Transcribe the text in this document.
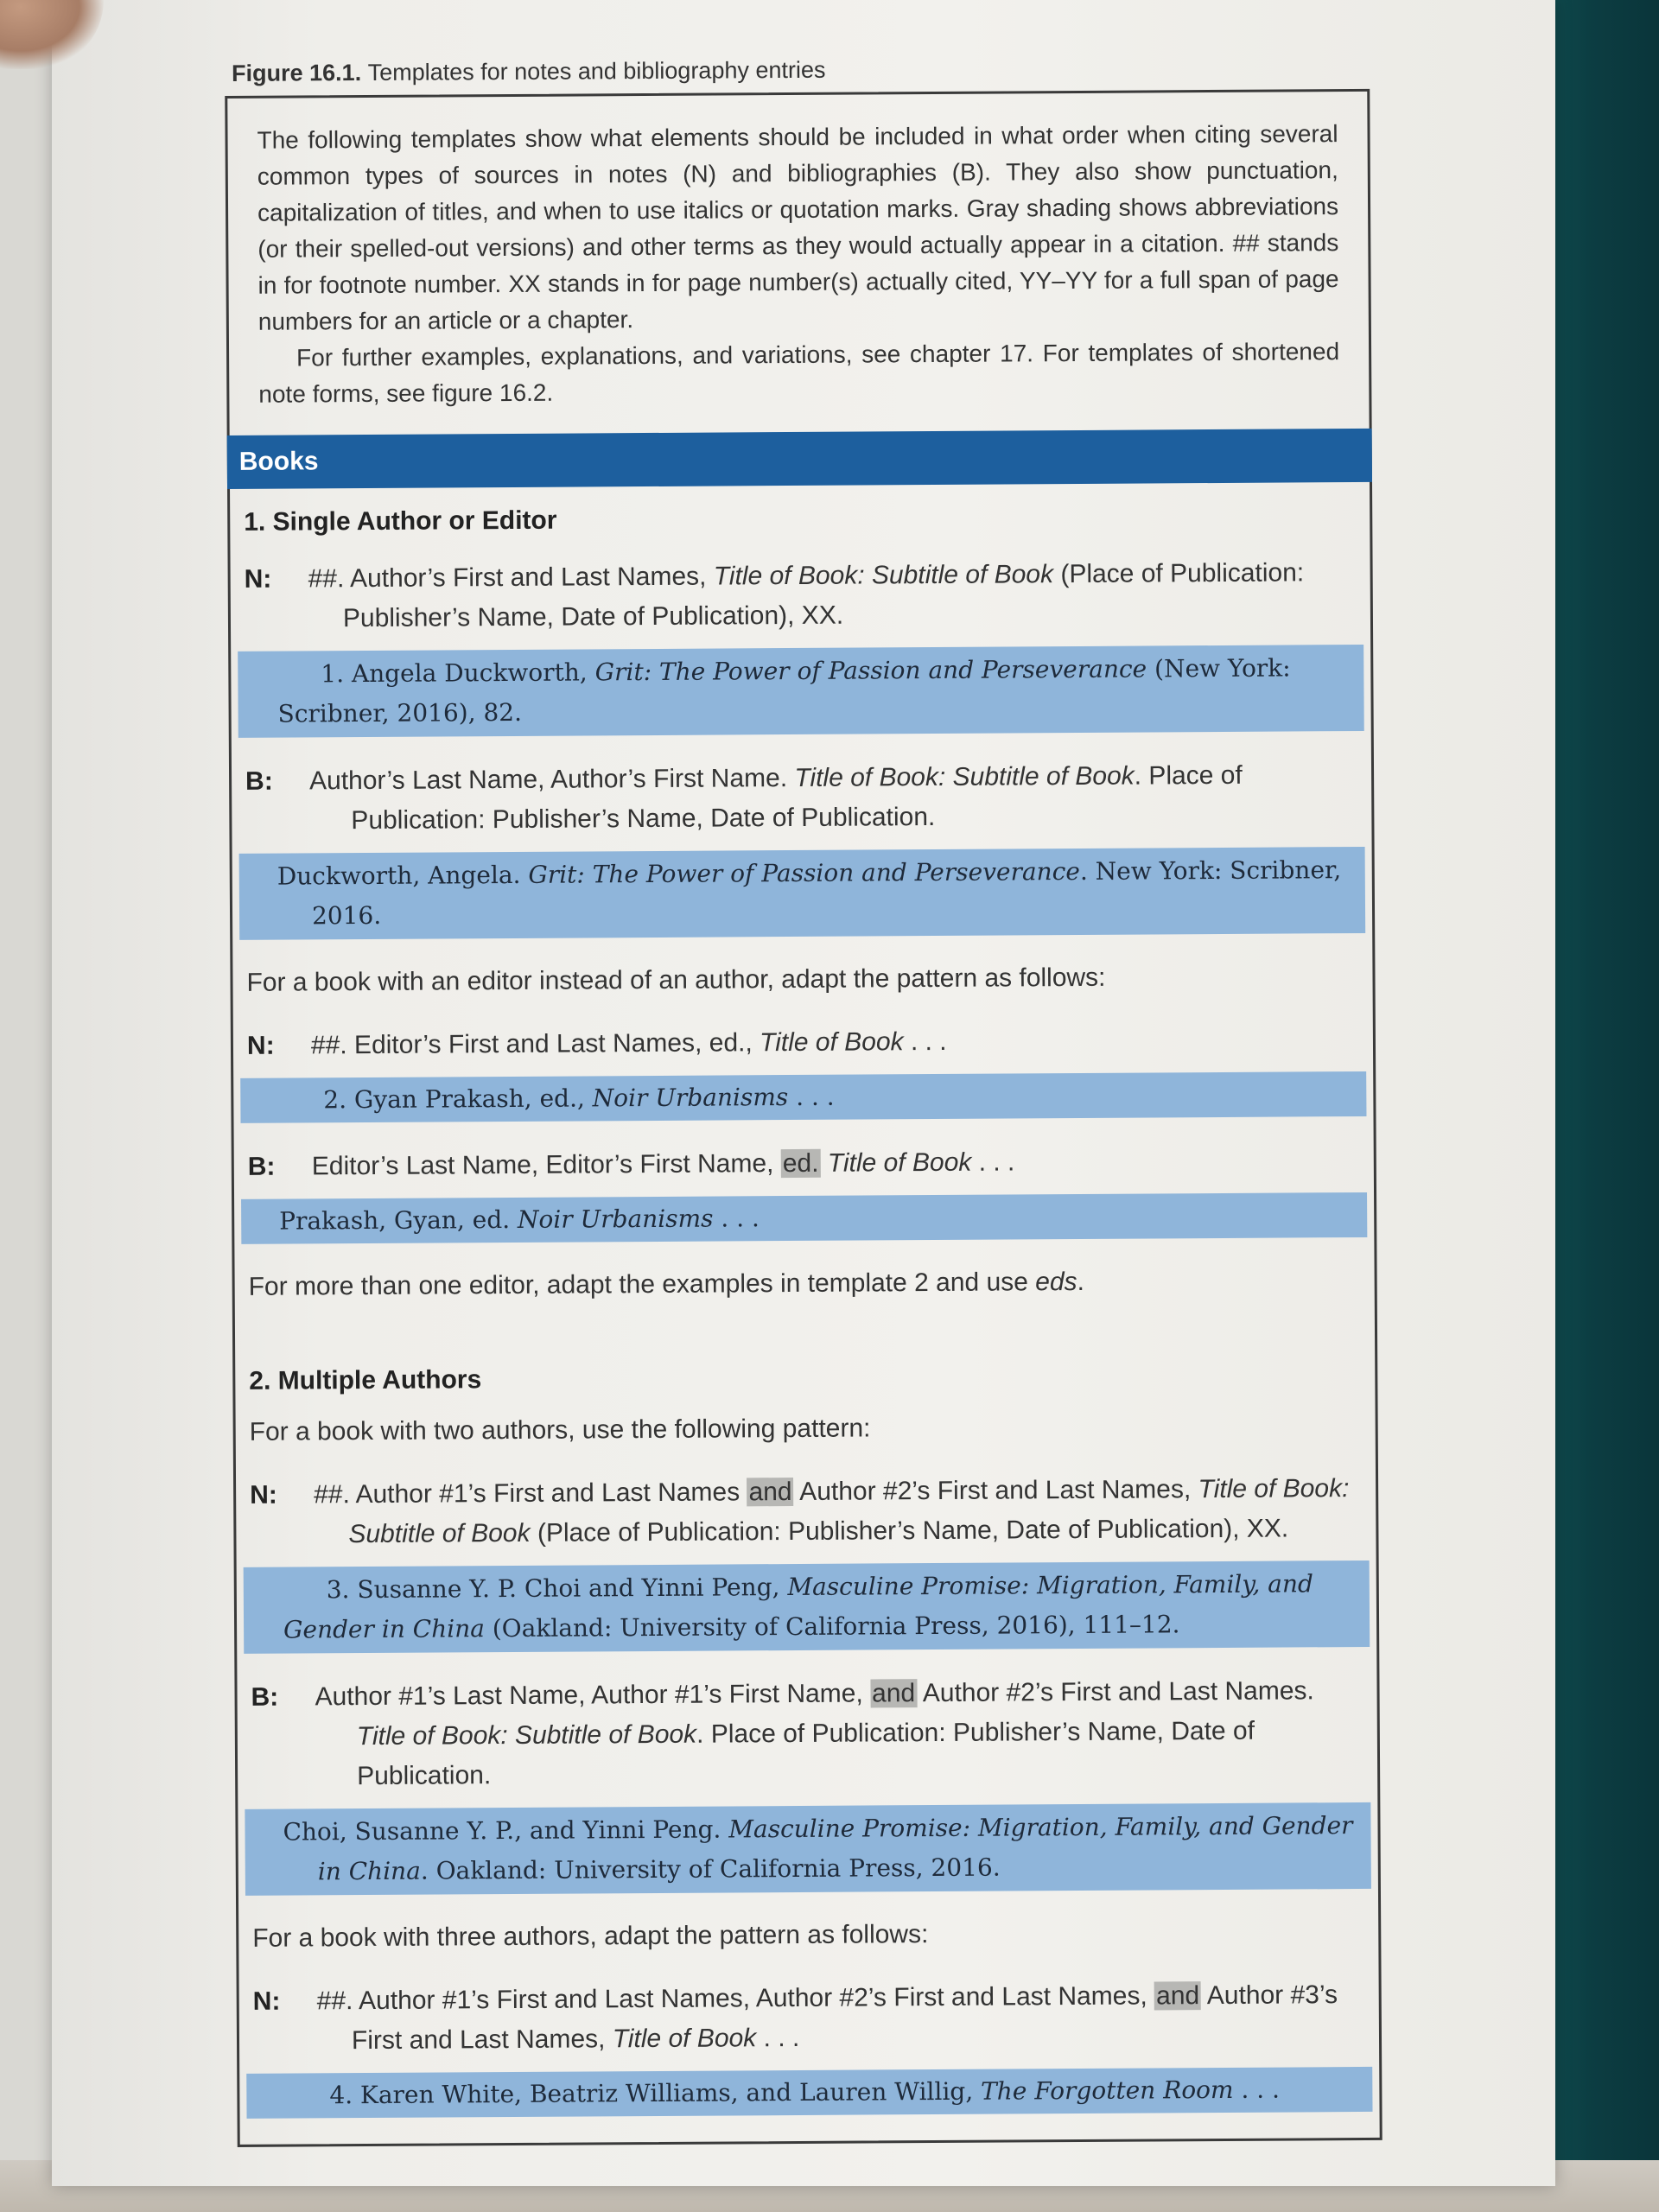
Figure 16.1. Templates for notes and bibliography entries

The following templates show what elements should be included in what order when citing several common types of sources in notes (N) and bibliographies (B). They also show punctuation, capitalization of titles, and when to use italics or quotation marks. Gray shading shows abbreviations (or their spelled-out versions) and other terms as they would actually appear in a citation. ## stands in for footnote number. XX stands in for page number(s) actually cited, YY–YY for a full span of page numbers for an article or a chapter.

For further examples, explanations, and variations, see chapter 17. For templates of shortened note forms, see figure 16.2.

Books
1. Single Author or Editor
N:	##. Author’s First and Last Names, Title of Book: Subtitle of Book (Place of Publication: Publisher’s Name, Date of Publication), XX.
1. Angela Duckworth, Grit: The Power of Passion and Perseverance (New York: Scribner, 2016), 82.
B:	Author’s Last Name, Author’s First Name. Title of Book: Subtitle of Book. Place of Publication: Publisher’s Name, Date of Publication.
Duckworth, Angela. Grit: The Power of Passion and Perseverance. New York: Scribner, 2016.
For a book with an editor instead of an author, adapt the pattern as follows:
N:	##. Editor’s First and Last Names, ed., Title of Book . . .
2. Gyan Prakash, ed., Noir Urbanisms . . .
B:	Editor’s Last Name, Editor’s First Name, ed. Title of Book . . .
Prakash, Gyan, ed. Noir Urbanisms . . .
For more than one editor, adapt the examples in template 2 and use eds.
2. Multiple Authors
For a book with two authors, use the following pattern:
N:	##. Author #1’s First and Last Names and Author #2’s First and Last Names, Title of Book: Subtitle of Book (Place of Publication: Publisher’s Name, Date of Publication), XX.
3. Susanne Y. P. Choi and Yinni Peng, Masculine Promise: Migration, Family, and Gender in China (Oakland: University of California Press, 2016), 111–12.
B:	Author #1’s Last Name, Author #1’s First Name, and Author #2’s First and Last Names. Title of Book: Subtitle of Book. Place of Publication: Publisher’s Name, Date of Publication.
Choi, Susanne Y. P., and Yinni Peng. Masculine Promise: Migration, Family, and Gender in China. Oakland: University of California Press, 2016.
For a book with three authors, adapt the pattern as follows:
N:	##. Author #1’s First and Last Names, Author #2’s First and Last Names, and Author #3’s First and Last Names, Title of Book . . .
4. Karen White, Beatriz Williams, and Lauren Willig, The Forgotten Room . . .
